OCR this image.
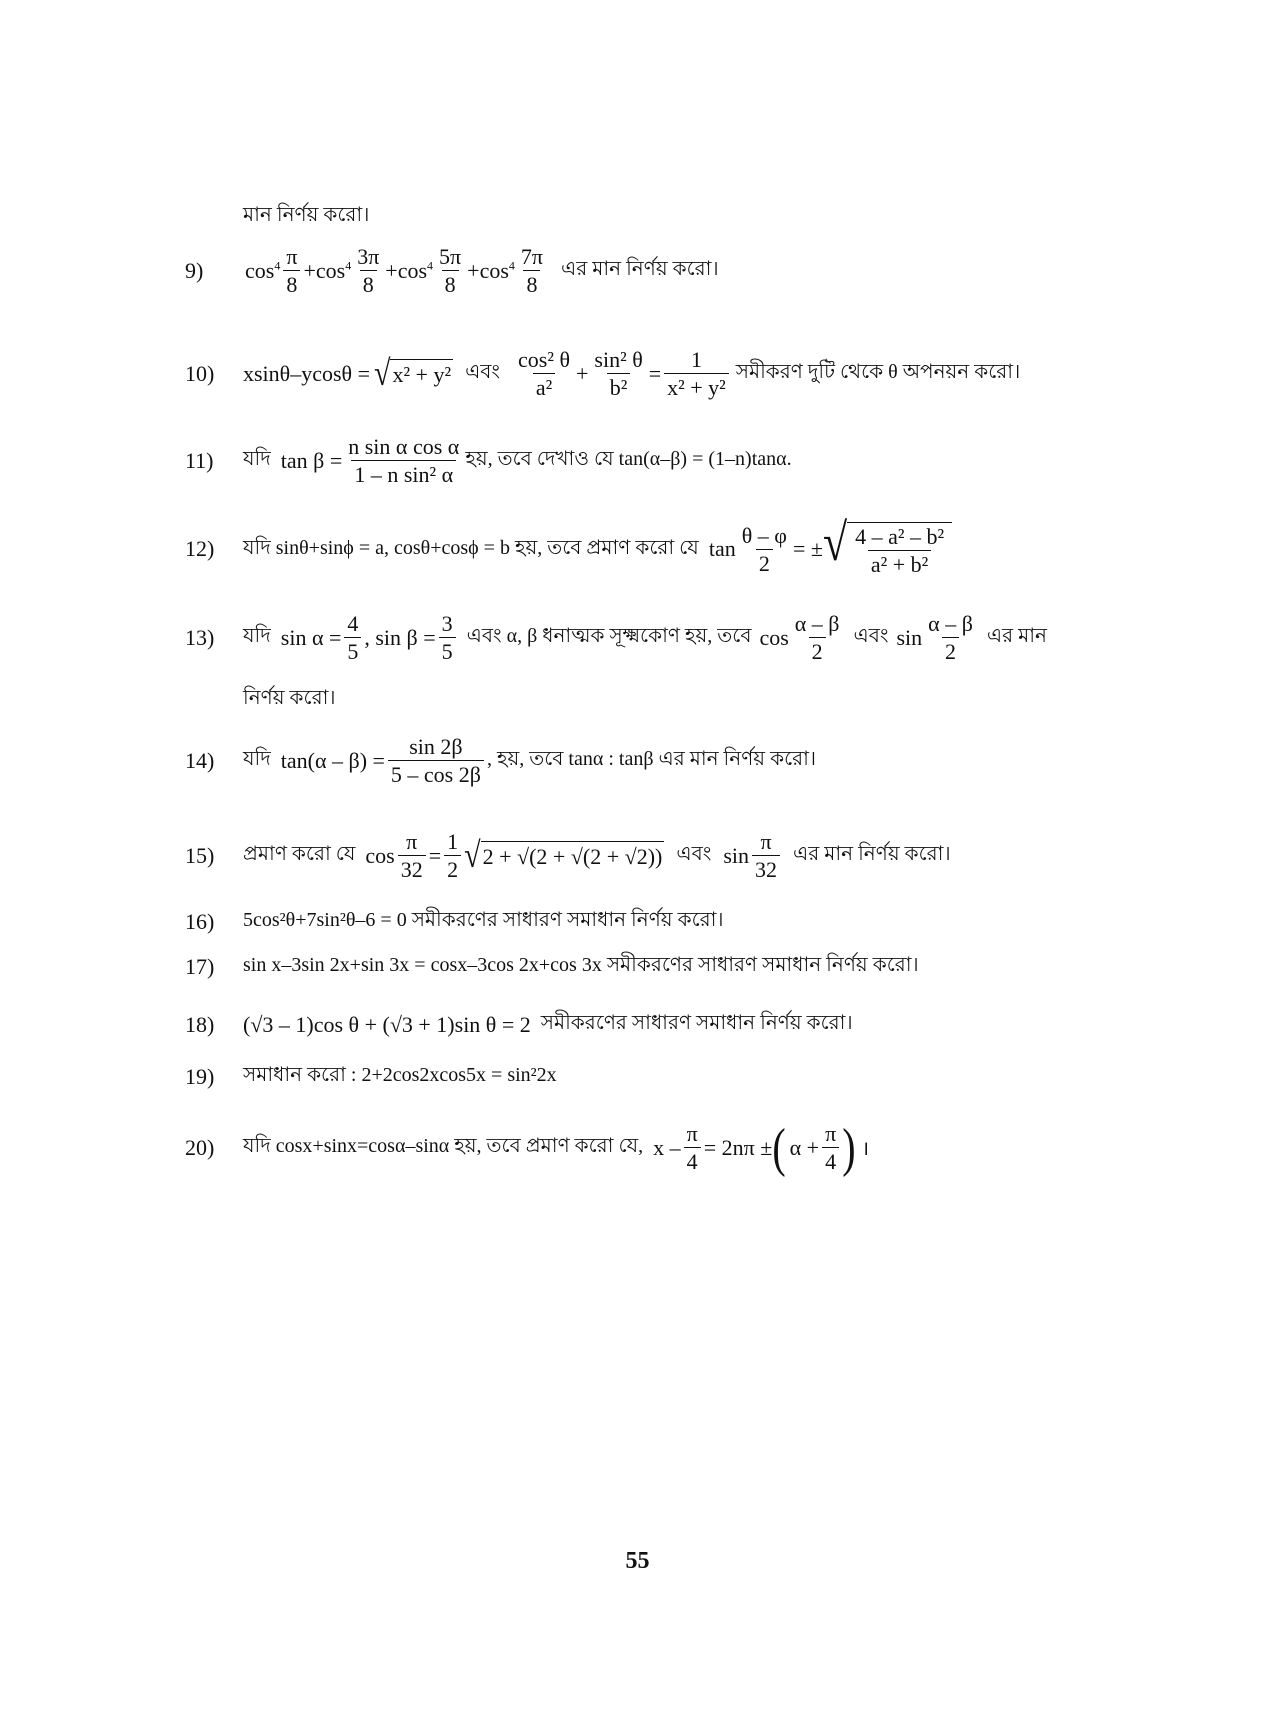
মান নির্ণয় করো।
9)	$\cos^4 \frac{\pi}{8} + \cos^4 \frac{3\pi}{8} + \cos^4 \frac{5\pi}{8} + \cos^4 \frac{7\pi}{8}$ এর মান নির্ণয় করো।
10)	xsinθ–ycosθ = √ x² + y² এবং $\frac{\text{cos² θ}}{\text{a²}} + \frac{\text{sin² θ}}{\text{b²}} = \frac{1}{\text{x² + y²}}$ সমীকরণ দুটি থেকে θ অপনয়ন করো।
11)	যদি $\tan \beta = \frac{\text{n sin α cos α}}{\text{1 – n sin² α}}$ হয়, তবে দেখাও যে tan(α–β) = (1–n)tanα.
12)	যদি sinθ+sinϕ = a, cosθ+cosϕ = b হয়, তবে প্রমাণ করো যে $\tan \frac{\theta - \varphi}{2}$ = ± √ $\frac{\text{4 – a² – b²}}{\text{a² + b²}}$
13)	যদি $\sin \alpha = \frac{4}{5}$ , $\sin \beta = \frac{3}{5}$ এবং α, β ধনাত্মক সূক্ষ্মকোণ হয়, তবে $\cos \frac{\alpha - \beta}{2}$ এবং $\sin \frac{\alpha - \beta}{2}$ এর মান
নির্ণয় করো।
14)	যদি $\tan(\alpha - \beta) = \frac{\sin 2\beta}{5 - \cos 2\beta}$ , হয়, তবে tanα : tanβ এর মান নির্ণয় করো।
15)	প্রমাণ করো যে $\cos \frac{\pi}{32} = \frac{1}{2}$ √ 2 + √(2 + √(2 + √2)) এবং $\sin \frac{\pi}{32}$ এর মান নির্ণয় করো।
16)	5cos²θ+7sin²θ–6 = 0 সমীকরণের সাধারণ সমাধান নির্ণয় করো।
17)	sin x–3sin 2x+sin 3x = cosx–3cos 2x+cos 3x সমীকরণের সাধারণ সমাধান নির্ণয় করো।
18)	(√3 – 1)cos θ + (√3 + 1)sin θ = 2 সমীকরণের সাধারণ সমাধান নির্ণয় করো।
19)	সমাধান করো : 2+2cos2xcos5x = sin²2x
20)	যদি cosx+sinx=cosα–sinα হয়, তবে প্রমাণ করো যে, $x - \frac{\pi}{4} = 2n\pi$ ± ( $\alpha + \frac{\pi}{4}$ ) ।
55
